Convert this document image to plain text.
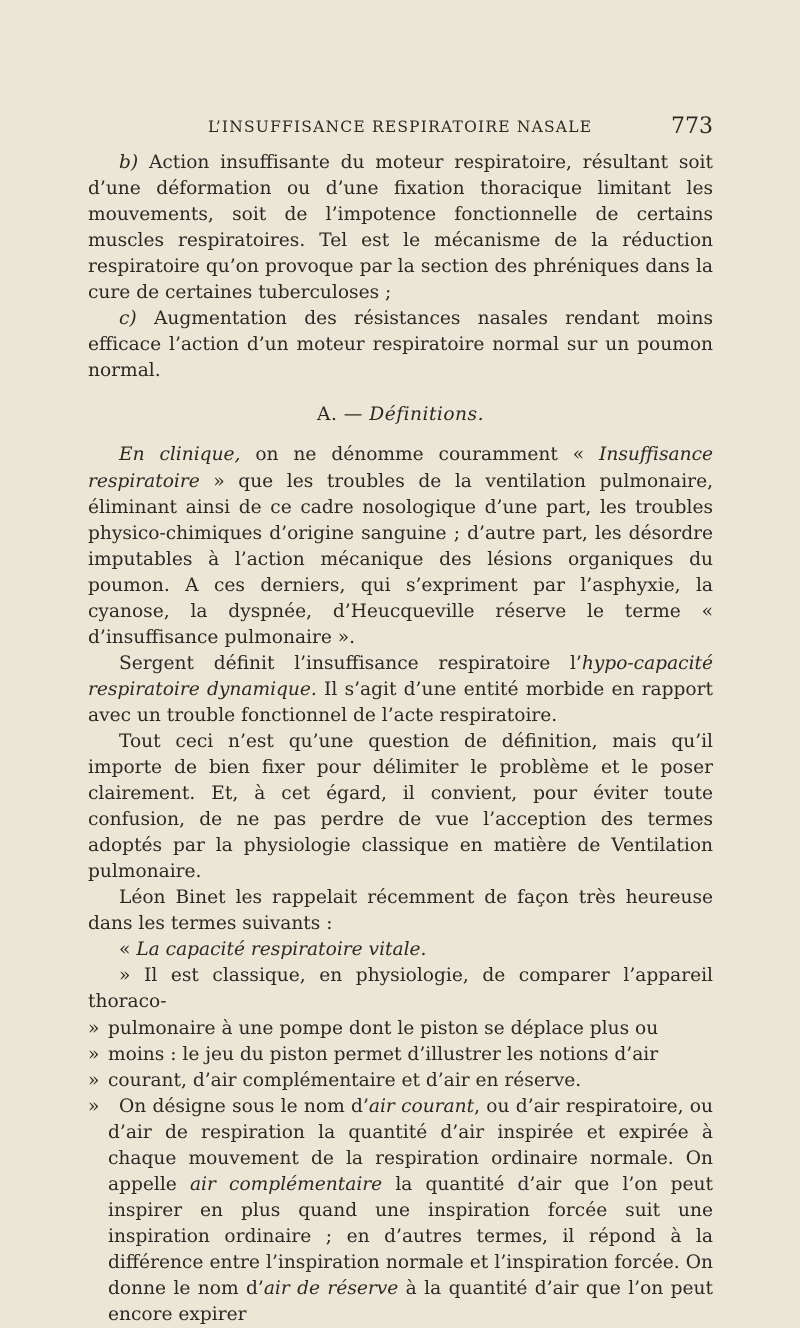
L’INSUFFISANCE RESPIRATOIRE NASALE	773

b) Action insuffisante du moteur respiratoire, résultant soit d’une déformation ou d’une fixation thoracique limitant les mouvements, soit de l’impotence fonctionnelle de certains muscles respiratoires. Tel est le mécanisme de la réduction respiratoire qu’on provoque par la section des phréniques dans la cure de certaines tuberculoses ;

c) Augmentation des résistances nasales rendant moins efficace l’action d’un moteur respiratoire normal sur un poumon normal.

A. — Définitions.

En clinique, on ne dénomme couramment « Insuffisance respiratoire » que les troubles de la ventilation pulmonaire, éliminant ainsi de ce cadre nosologique d’une part, les troubles physico-chimiques d’origine sanguine ; d’autre part, les désordre imputables à l’action mécanique des lésions organiques du poumon. A ces derniers, qui s’expriment par l’asphyxie, la cyanose, la dyspnée, d’Heucqueville réserve le terme « d’insuffisance pulmonaire ».

Sergent définit l’insuffisance respiratoire l’hypo-capacité respiratoire dynamique. Il s’agit d’une entité morbide en rapport avec un trouble fonctionnel de l’acte respiratoire.

Tout ceci n’est qu’une question de définition, mais qu’il importe de bien fixer pour délimiter le problème et le poser clairement. Et, à cet égard, il convient, pour éviter toute confusion, de ne pas perdre de vue l’acception des termes adoptés par la physiologie classique en matière de Ventilation pulmonaire.

Léon Binet les rappelait récemment de façon très heureuse dans les termes suivants :

« La capacité respiratoire vitale.

» Il est classique, en physiologie, de comparer l’appareil thoraco-

» pulmonaire à une pompe dont le piston se déplace plus ou

» moins : le jeu du piston permet d’illustrer les notions d’air

» courant, d’air complémentaire et d’air en réserve.

» On désigne sous le nom d’air courant, ou d’air respiratoire, ou d’air de respiration la quantité d’air inspirée et expirée à chaque mouvement de la respiration ordinaire normale. On appelle air complémentaire la quantité d’air que l’on peut inspirer en plus quand une inspiration forcée suit une inspiration ordinaire ; en d’autres termes, il répond à la différence entre l’inspiration normale et l’inspiration forcée. On donne le nom d’air de réserve à la quantité d’air que l’on peut encore expirer
